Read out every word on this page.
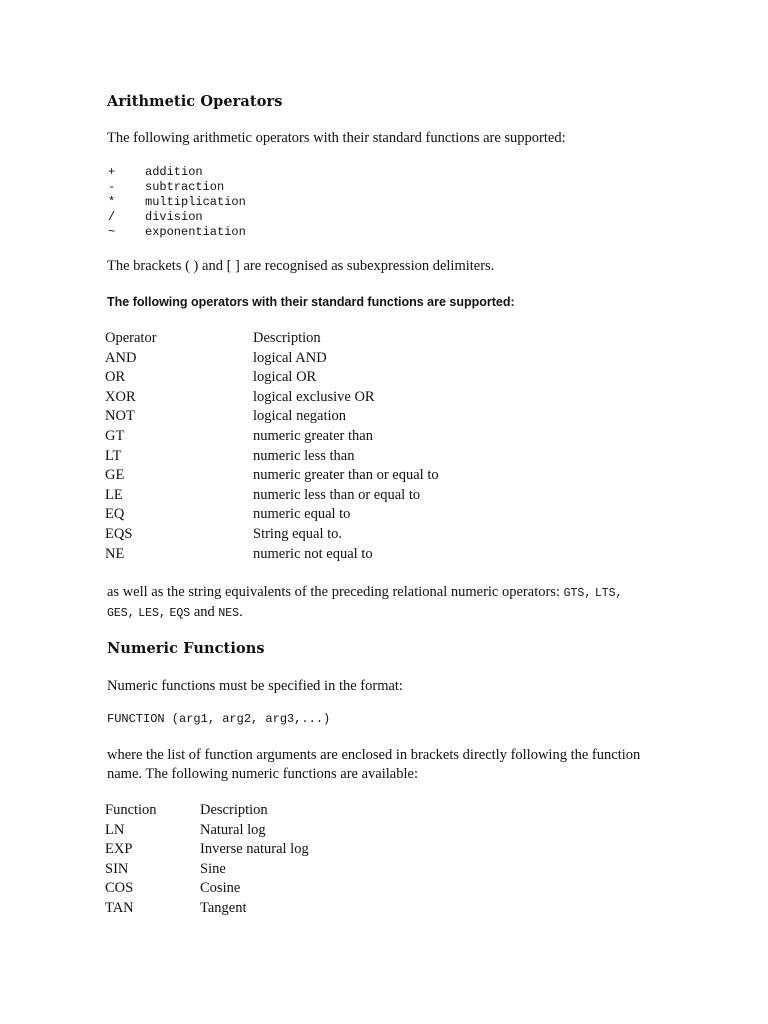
Arithmetic Operators
The following arithmetic operators with their standard functions are supported:
+ addition
- subtraction
* multiplication
/ division
~ exponentiation
The brackets ( ) and [ ] are recognised as subexpression delimiters.
The following operators with their standard functions are supported:
Operator	Description
AND	logical AND
OR	logical OR
XOR	logical exclusive OR
NOT	logical negation
GT	numeric greater than
LT	numeric less than
GE	numeric greater than or equal to
LE	numeric less than or equal to
EQ	numeric equal to
EQS	String equal to.
NE	numeric not equal to
as well as the string equivalents of the preceding relational numeric operators: GTS, LTS,
GES, LES, EQS and NES.
Numeric Functions
Numeric functions must be specified in the format:
FUNCTION (arg1, arg2, arg3,...)
where the list of function arguments are enclosed in brackets directly following the function
name. The following numeric functions are available:
Function	Description
LN	Natural log
EXP	Inverse natural log
SIN	Sine
COS	Cosine
TAN	Tangent
